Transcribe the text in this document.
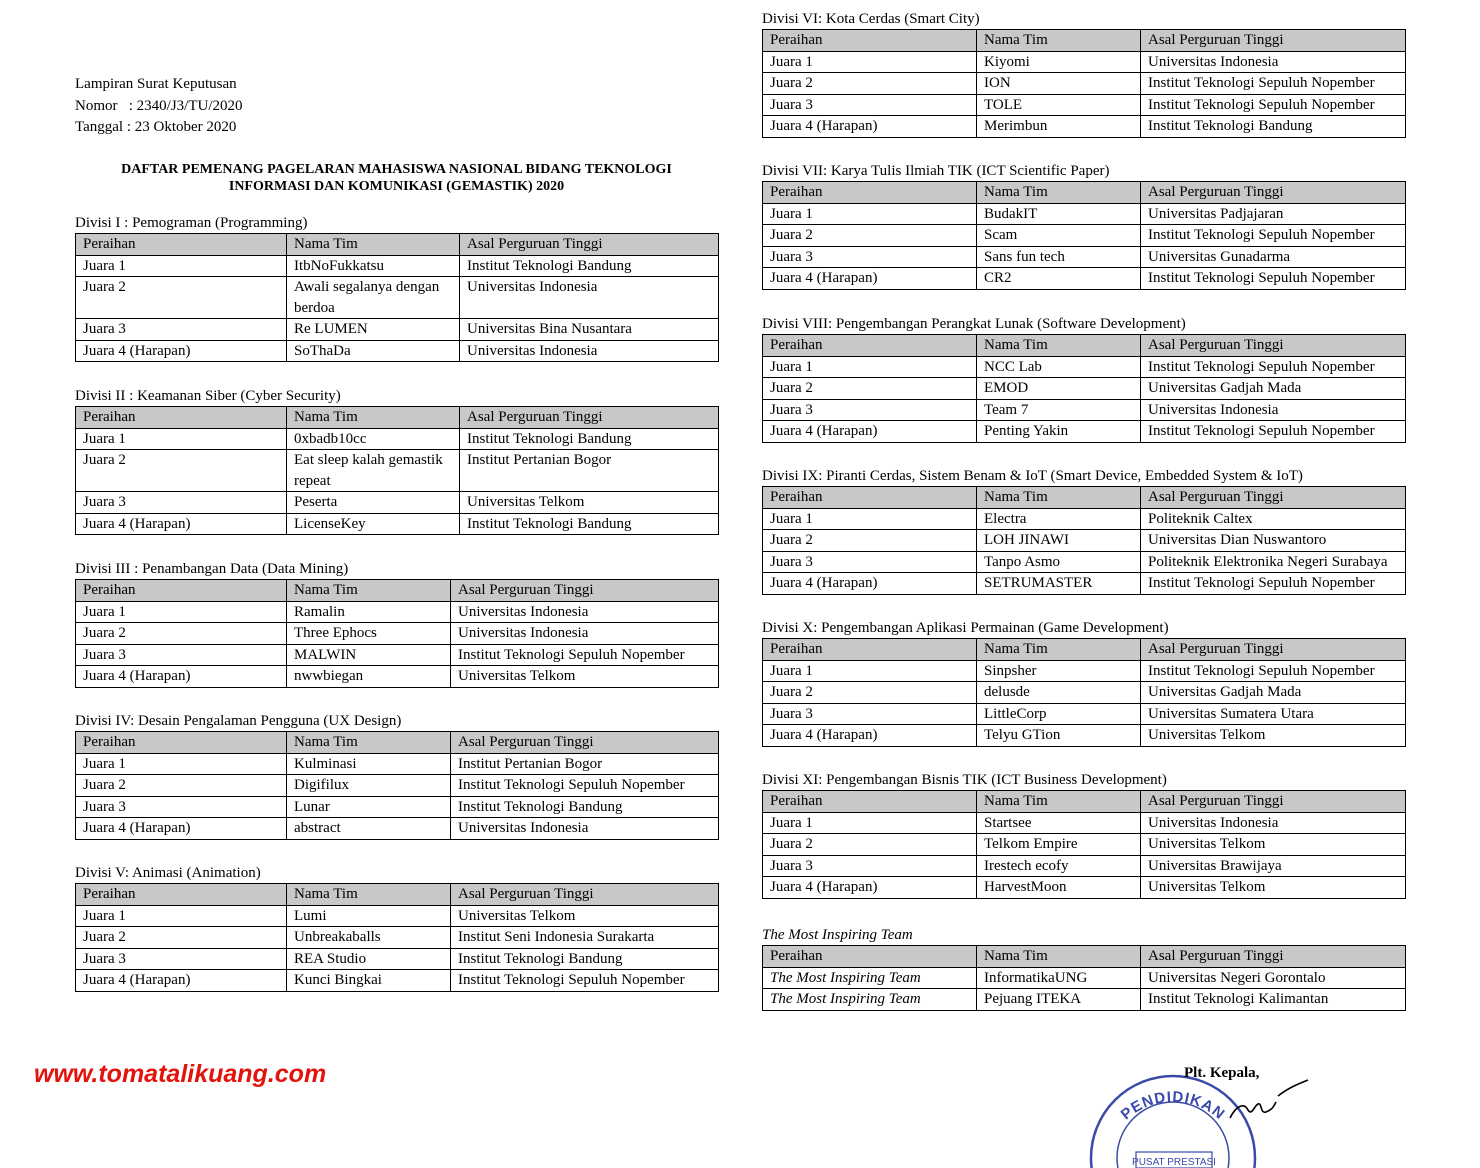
Lampiran Surat Keputusan
Nomor   : 2340/J3/TU/2020
Tanggal : 23 Oktober 2020
DAFTAR PEMENANG PAGELARAN MAHASISWA NASIONAL BIDANG TEKNOLOGI
INFORMASI DAN KOMUNIKASI (GEMASTIK) 2020
Divisi I : Pemograman (Programming)
Peraihan	Nama Tim	Asal Perguruan Tinggi
Juara 1	ItbNoFukkatsu	Institut Teknologi Bandung
Juara 2	Awali segalanya dengan berdoa	Universitas Indonesia
Juara 3	Re LUMEN	Universitas Bina Nusantara
Juara 4 (Harapan)	SoThaDa	Universitas Indonesia
Divisi II : Keamanan Siber (Cyber Security)
Peraihan	Nama Tim	Asal Perguruan Tinggi
Juara 1	0xbadb10cc	Institut Teknologi Bandung
Juara 2	Eat sleep kalah gemastik repeat	Institut Pertanian Bogor
Juara 3	Peserta	Universitas Telkom
Juara 4 (Harapan)	LicenseKey	Institut Teknologi Bandung
Divisi III : Penambangan Data (Data Mining)
Peraihan	Nama Tim	Asal Perguruan Tinggi
Juara 1	Ramalin	Universitas Indonesia
Juara 2	Three Ephocs	Universitas Indonesia
Juara 3	MALWIN	Institut Teknologi Sepuluh Nopember
Juara 4 (Harapan)	nwwbiegan	Universitas Telkom
Divisi IV: Desain Pengalaman Pengguna (UX Design)
Peraihan	Nama Tim	Asal Perguruan Tinggi
Juara 1	Kulminasi	Institut Pertanian Bogor
Juara 2	Digifilux	Institut Teknologi Sepuluh Nopember
Juara 3	Lunar	Institut Teknologi Bandung
Juara 4 (Harapan)	abstract	Universitas Indonesia
Divisi V: Animasi (Animation)
Peraihan	Nama Tim	Asal Perguruan Tinggi
Juara 1	Lumi	Universitas Telkom
Juara 2	Unbreakaballs	Institut Seni Indonesia Surakarta
Juara 3	REA Studio	Institut Teknologi Bandung
Juara 4 (Harapan)	Kunci Bingkai	Institut Teknologi Sepuluh Nopember
Divisi VI: Kota Cerdas (Smart City)
Peraihan	Nama Tim	Asal Perguruan Tinggi
Juara 1	Kiyomi	Universitas Indonesia
Juara 2	ION	Institut Teknologi Sepuluh Nopember
Juara 3	TOLE	Institut Teknologi Sepuluh Nopember
Juara 4 (Harapan)	Merimbun	Institut Teknologi Bandung
Divisi VII: Karya Tulis Ilmiah TIK (ICT Scientific Paper)
Peraihan	Nama Tim	Asal Perguruan Tinggi
Juara 1	BudakIT	Universitas Padjajaran
Juara 2	Scam	Institut Teknologi Sepuluh Nopember
Juara 3	Sans fun tech	Universitas Gunadarma
Juara 4 (Harapan)	CR2	Institut Teknologi Sepuluh Nopember
Divisi VIII: Pengembangan Perangkat Lunak (Software Development)
Peraihan	Nama Tim	Asal Perguruan Tinggi
Juara 1	NCC Lab	Institut Teknologi Sepuluh Nopember
Juara 2	EMOD	Universitas Gadjah Mada
Juara 3	Team 7	Universitas Indonesia
Juara 4 (Harapan)	Penting Yakin	Institut Teknologi Sepuluh Nopember
Divisi IX: Piranti Cerdas, Sistem Benam & IoT (Smart Device, Embedded System & IoT)
Peraihan	Nama Tim	Asal Perguruan Tinggi
Juara 1	Electra	Politeknik Caltex
Juara 2	LOH JINAWI	Universitas Dian Nuswantoro
Juara 3	Tanpo Asmo	Politeknik Elektronika Negeri Surabaya
Juara 4 (Harapan)	SETRUMASTER	Institut Teknologi Sepuluh Nopember
Divisi X: Pengembangan Aplikasi Permainan (Game Development)
Peraihan	Nama Tim	Asal Perguruan Tinggi
Juara 1	Sinpsher	Institut Teknologi Sepuluh Nopember
Juara 2	delusde	Universitas Gadjah Mada
Juara 3	LittleCorp	Universitas Sumatera Utara
Juara 4 (Harapan)	Telyu GTion	Universitas Telkom
Divisi XI: Pengembangan Bisnis TIK (ICT Business Development)
Peraihan	Nama Tim	Asal Perguruan Tinggi
Juara 1	Startsee	Universitas Indonesia
Juara 2	Telkom Empire	Universitas Telkom
Juara 3	Irestech ecofy	Universitas Brawijaya
Juara 4 (Harapan)	HarvestMoon	Universitas Telkom
The Most Inspiring Team
Peraihan	Nama Tim	Asal Perguruan Tinggi
The Most Inspiring Team	InformatikaUNG	Universitas Negeri Gorontalo
The Most Inspiring Team	Pejuang ITEKA	Institut Teknologi Kalimantan
www.tomatalikuang.com
PENDIDIKAN
PUSAT PRESTASI
Plt. Kepala,
